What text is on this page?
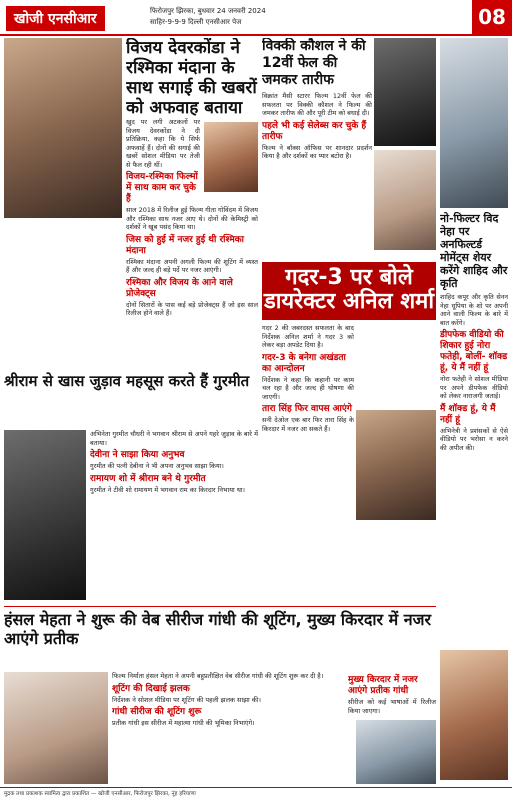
खोजी एनसीआर	फिरोजपुर झिरका, बुधवार 24 जनवरी 2024
साहिर-9-9-9 दिल्ली एनसीआर पेज	08
विजय देवरकोंडा ने रश्मिका मंदाना के साथ सगाई की खबरों को अफवाह बताया
खुद पर लगी अटकलों पर विजय देवरकोंडा ने दी प्रतिक्रिया, कहा कि ये सिर्फ अफवाहें हैं। दोनों की सगाई की खबरें सोशल मीडिया पर तेजी से फैल रही थीं।
विजय-रश्मिका फिल्मों में साथ काम कर चुके हैं
साल 2018 में रिलीज हुई फिल्म गीता गोविंदम में विजय और रश्मिका साथ नजर आए थे। दोनों की केमिस्ट्री को दर्शकों ने खूब पसंद किया था।
जिस को हुई में नजर हुई थी रश्मिका मंदाना
रश्मिका मंदाना अपनी अगली फिल्म की शूटिंग में व्यस्त हैं और जल्द ही बड़े पर्दे पर नजर आएंगी।
रश्मिका और विजय के आने वाले प्रोजेक्ट्स
दोनों सितारों के पास कई बड़े प्रोजेक्ट्स हैं जो इस साल रिलीज होने वाले हैं।
विक्की कौशल ने की 12वीं फेल की जमकर तारीफ
विक्रांत मैसी स्टारर फिल्म 12वीं फेल की सफलता पर विक्की कौशल ने फिल्म की जमकर तारीफ की और पूरी टीम को बधाई दी।
पहले भी कई सेलेब्स कर चुके हैं तारीफ
फिल्म ने बॉक्स ऑफिस पर शानदार प्रदर्शन किया है और दर्शकों का प्यार बटोरा है।
नो-फिल्टर विद नेहा पर अनफिल्टर्ड मोमेंट्स शेयर करेंगे शाहिद और कृति
शाहिद कपूर और कृति सेनन नेहा धूपिया के शो पर अपनी आने वाली फिल्म के बारे में बात करेंगे।
डीपफेक वीडियो की शिकार हुई नोरा फतेही, बोलीं- शॉक्ड हूं, ये मैं नहीं हूं
नोरा फतेही ने सोशल मीडिया पर अपने डीपफेक वीडियो को लेकर नाराजगी जताई।
मैं शॉक्ड हूं, ये मैं नहीं हूं
अभिनेत्री ने प्रशंसकों से ऐसे वीडियो पर भरोसा न करने की अपील की।
गदर-3 पर बोले डायरेक्टर अनिल शर्मा
गदर 2 की जबरदस्त सफलता के बाद निर्देशक अनिल शर्मा ने गदर 3 को लेकर बड़ा अपडेट दिया है।
गदर-3 के बनेगा अखंडता का आन्दोलन
निर्देशक ने कहा कि कहानी पर काम चल रहा है और जल्द ही घोषणा की जाएगी।
तारा सिंह फिर वापस आएंगे
सनी देओल एक बार फिर तारा सिंह के किरदार में नजर आ सकते हैं।
श्रीराम से खास जुड़ाव महसूस करते हैं गुरमीत
अभिनेता गुरमीत चौधरी ने भगवान श्रीराम से अपने गहरे जुड़ाव के बारे में बताया।
देवीना ने साझा किया अनुभव
गुरमीत की पत्नी देबीना ने भी अपना अनुभव साझा किया।
रामायण शो में श्रीराम बने थे गुरमीत
गुरमीत ने टीवी शो रामायण में भगवान राम का किरदार निभाया था।
हंसल मेहता ने शुरू की वेब सीरीज गांधी की शूटिंग, मुख्य किरदार में नजर आएंगे प्रतीक
फिल्म निर्माता हंसल मेहता ने अपनी बहुप्रतीक्षित वेब सीरीज गांधी की शूटिंग शुरू कर दी है।
शूटिंग की दिखाई झलक
निर्देशक ने सोशल मीडिया पर शूटिंग की पहली झलक साझा की।
गांधी सीरीज की शूटिंग शुरू
प्रतीक गांधी इस सीरीज में महात्मा गांधी की भूमिका निभाएंगे।
मुख्य किरदार में नजर आएंगे प्रतीक गांधी
सीरीज को कई भाषाओं में रिलीज किया जाएगा।
मुद्रक तथा प्रकाशक स्वामित्व द्वारा प्रकाशित — खोजी एनसीआर, फिरोजपुर झिरका, नूंह हरियाणा
